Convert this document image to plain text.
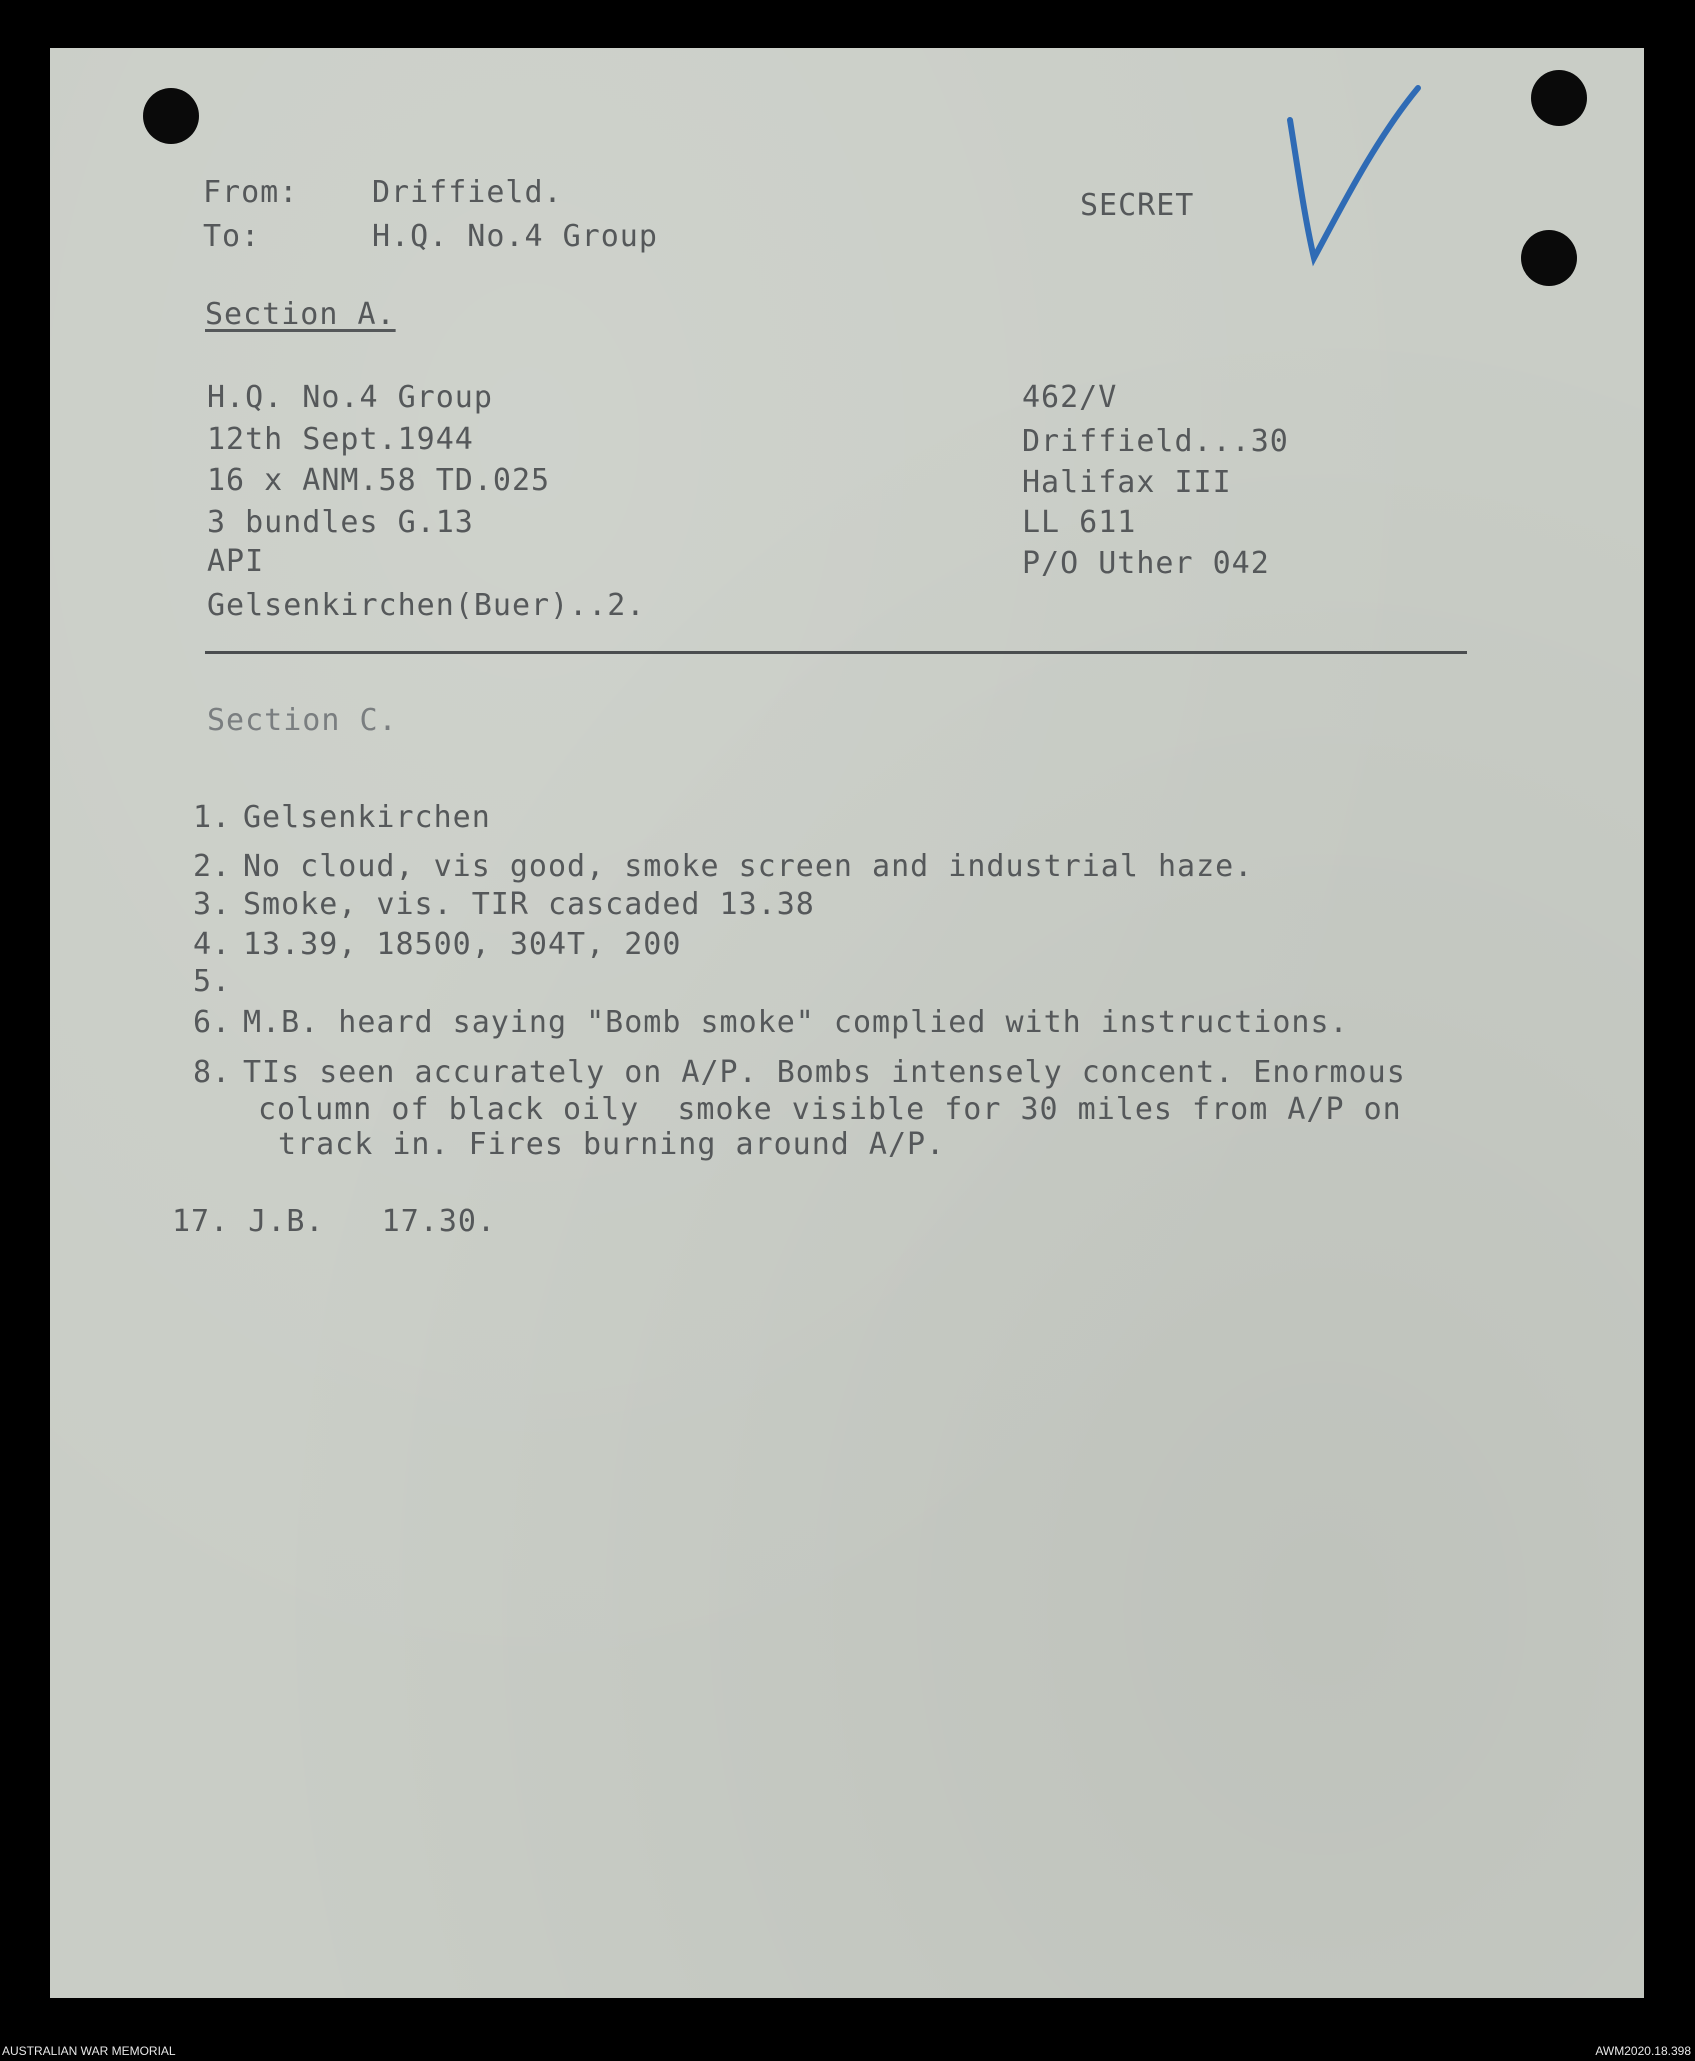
From: Driffield.
To:	H.Q. No.4 Group
SECRET
Section A.
H.Q. No.4 Group
12th Sept.1944
16 x ANM.58 TD.025
3 bundles G.13
API
Gelsenkirchen(Buer)..2.
462/V
Driffield...30
Halifax III
LL 611
P/O Uther 042
Section C.
1. Gelsenkirchen
2. No cloud, vis good, smoke screen and industrial haze.
3. Smoke, vis. TIR cascaded 13.38
4. 13.39, 18500, 304T, 200
5.
6. M.B. heard saying "Bomb smoke" complied with instructions.
8. TIs seen accurately on A/P. Bombs intensely concent. Enormous
column of black oily  smoke visible for 30 miles from A/P on
track in. Fires burning around A/P.
17. J.B.   17.30.
AUSTRALIAN WAR MEMORIAL	AWM2020.18.398
